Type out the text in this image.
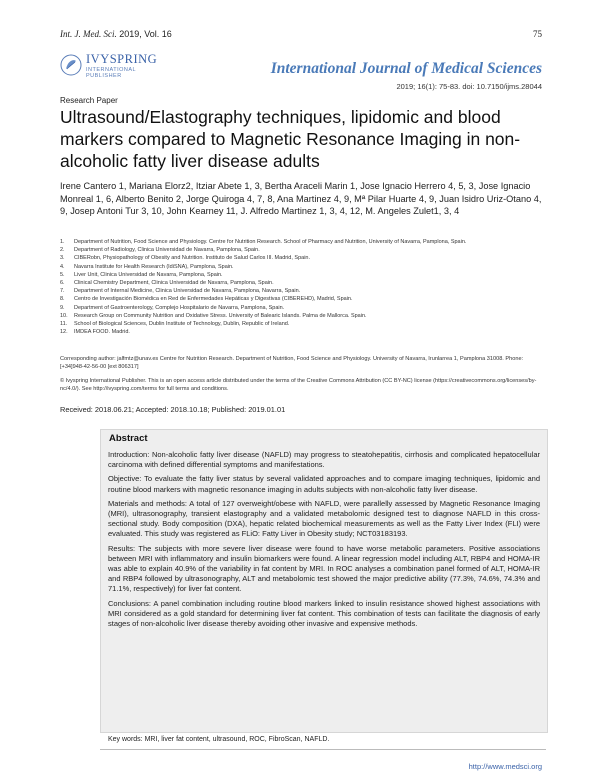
Int. J. Med. Sci. 2019, Vol. 16	75
IVYSPRING
INTERNATIONAL PUBLISHER	International Journal of Medical Sciences
2019; 16(1): 75-83. doi: 10.7150/ijms.28044
Research Paper
Ultrasound/Elastography techniques, lipidomic and blood markers compared to Magnetic Resonance Imaging in non-alcoholic fatty liver disease adults
Irene Cantero 1, Mariana Elorz2, Itziar Abete 1, 3, Bertha Araceli Marin 1, Jose Ignacio Herrero 4, 5, 3, Jose Ignacio Monreal 1, 6, Alberto Benito 2, Jorge Quiroga 4, 7, 8, Ana Martinez 4, 9, Mª Pilar Huarte 4, 9, Juan Isidro Uriz-Otano 4, 9, Josep Antoni Tur 3, 10, John Kearney 11, J. Alfredo Martinez 1, 3, 4, 12, M. Angeles Zulet1, 3, 4
1. Department of Nutrition, Food Science and Physiology. Centre for Nutrition Research. School of Pharmacy and Nutrition, University of Navarra, Pamplona, Spain.
2. Department of Radiology, Clinica Universidad de Navarra, Pamplona, Spain.
3. CIBERobn, Physiopathology of Obesity and Nutrition. Instituto de Salud Carlos III. Madrid, Spain.
4. Navarra Institute for Health Research (IdiSNA), Pamplona, Spain.
5. Liver Unit, Clinica Universidad de Navarra, Pamplona, Spain.
6. Clinical Chemistry Department, Clinica Universidad de Navarra, Pamplona, Spain.
7. Department of Internal Medicine, Clinica Universidad de Navarra, Pamplona, Navarra, Spain.
8. Centro de Investigación Biomédica en Red de Enfermedades Hepáticas y Digestivas (CIBEREHD), Madrid, Spain.
9. Department of Gastroenterology, Complejo Hospitalario de Navarra, Pamplona, Spain.
10. Research Group on Community Nutrition and Oxidative Stress. University of Balearic Islands. Palma de Mallorca. Spain.
11. School of Biological Sciences, Dublin Institute of Technology, Dublin, Republic of Ireland.
12. IMDEA FOOD. Madrid.
Corresponding author: jalfmtz@unav.es Centre for Nutrition Research. Department of Nutrition, Food Science and Physiology. University of Navarra, Irunlarrea 1, Pamplona 31008. Phone: [+34]948-42-56-00 [ext 806317]
© Ivyspring International Publisher. This is an open access article distributed under the terms of the Creative Commons Attribution (CC BY-NC) license (https://creativecommons.org/licenses/by-nc/4.0/). See http://ivyspring.com/terms for full terms and conditions.
Received: 2018.06.21; Accepted: 2018.10.18; Published: 2019.01.01
Abstract

Introduction: Non-alcoholic fatty liver disease (NAFLD) may progress to steatohepatitis, cirrhosis and complicated hepatocellular carcinoma with defined differential symptoms and manifestations.

Objective: To evaluate the fatty liver status by several validated approaches and to compare imaging techniques, lipidomic and routine blood markers with magnetic resonance imaging in adults subjects with non-alcoholic fatty liver disease.

Materials and methods: A total of 127 overweight/obese with NAFLD, were parallelly assessed by Magnetic Resonance Imaging (MRI), ultrasonography, transient elastography and a validated metabolomic designed test to diagnose NAFLD in this cross-sectional study. Body composition (DXA), hepatic related biochemical measurements as well as the Fatty Liver Index (FLI) were evaluated. This study was registered as FLiO: Fatty Liver in Obesity study; NCT03183193.

Results: The subjects with more severe liver disease were found to have worse metabolic parameters. Positive associations between MRI with inflammatory and insulin biomarkers were found. A linear regression model including ALT, RBP4 and HOMA-IR was able to explain 40.9% of the variability in fat content by MRI. In ROC analyses a combination panel formed of ALT, HOMA-IR and RBP4 followed by ultrasonography, ALT and metabolomic test showed the major predictive ability (77.3%, 74.6%, 74.3% and 71.1%, respectively) for liver fat content.

Conclusions: A panel combination including routine blood markers linked to insulin resistance showed highest associations with MRI considered as a gold standard for determining liver fat content. This combination of tests can facilitate the diagnosis of early stages of non-alcoholic liver disease thereby avoiding other invasive and expensive methods.

Key words: MRI, liver fat content, ultrasound, ROC, FibroScan, NAFLD.
http://www.medsci.org
